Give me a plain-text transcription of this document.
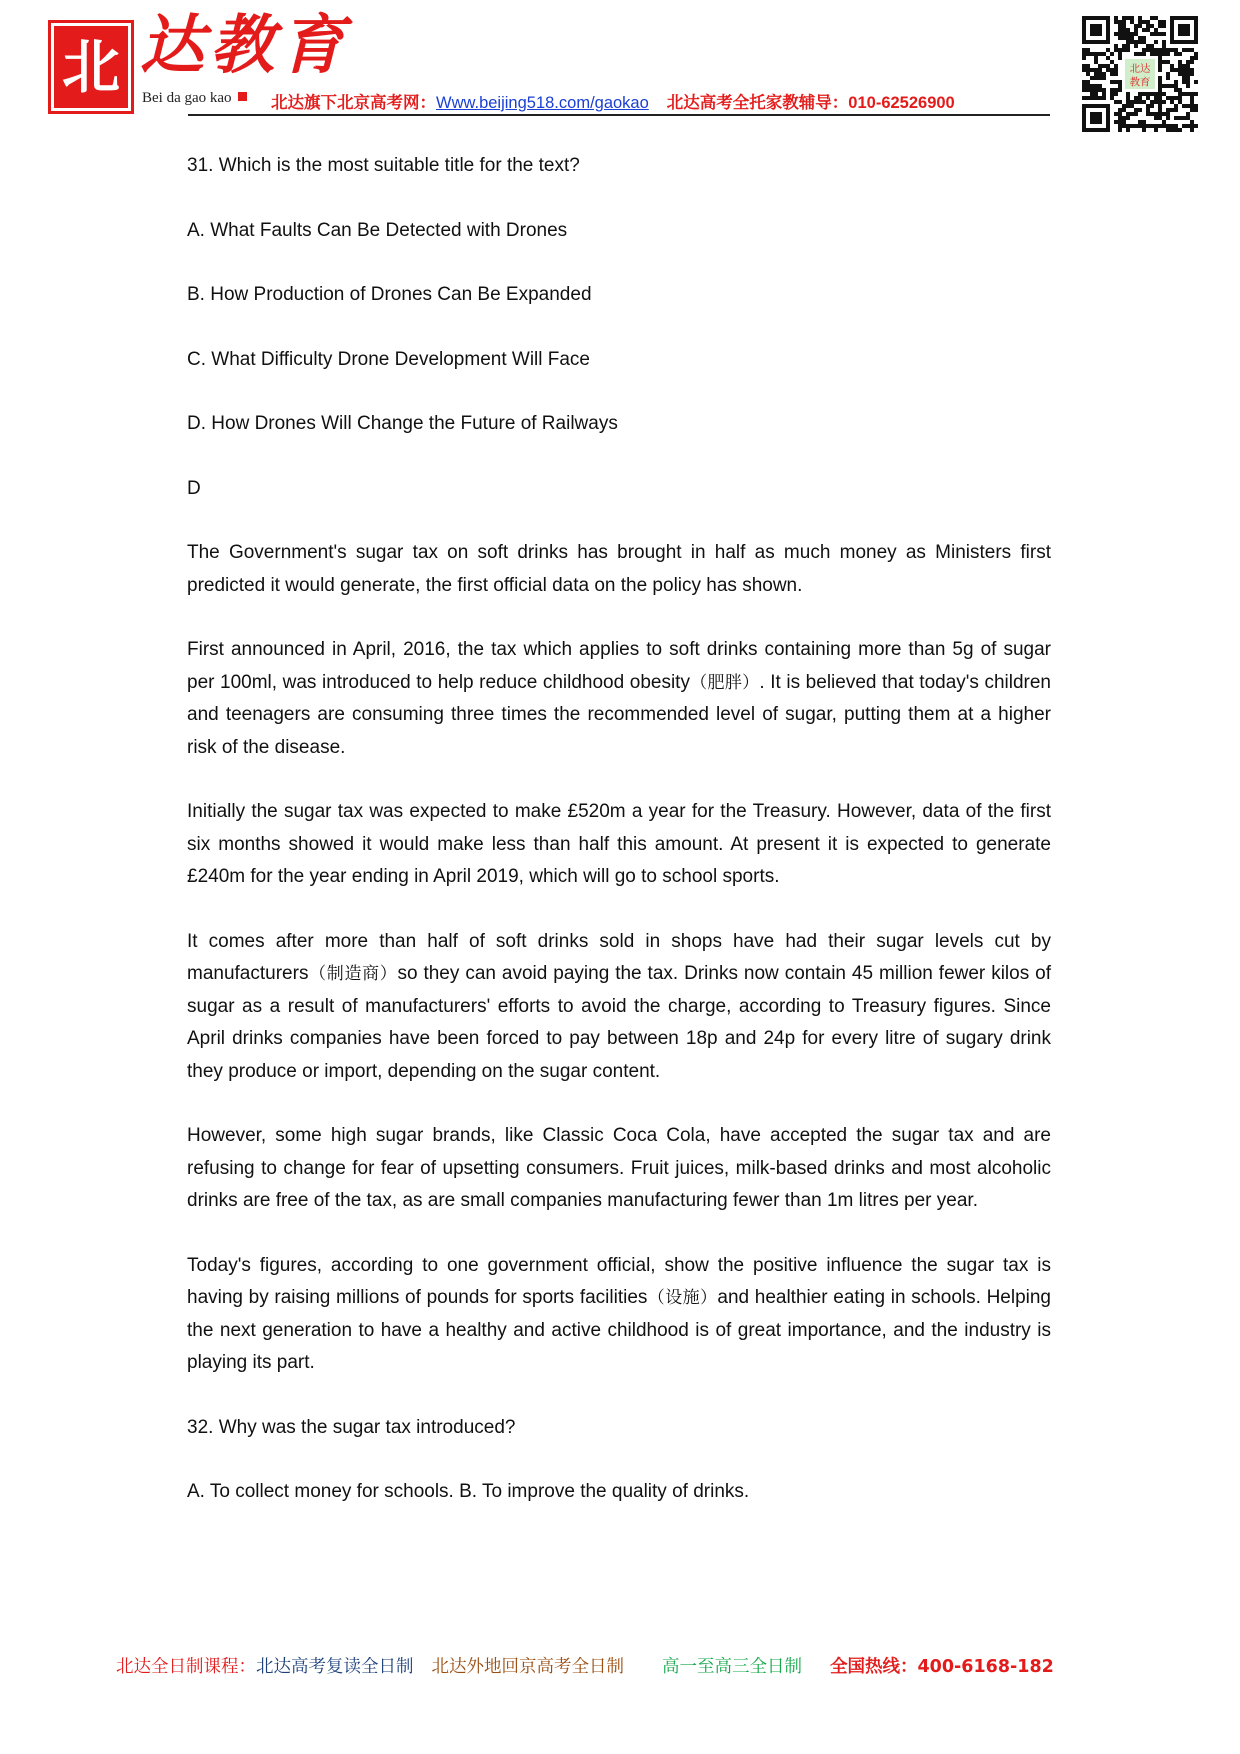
北 达教育
Bei da gao kao	北达旗下北京高考网：Www.beijing518.com/gaokao 北达高考全托家教辅导：010-62526900
北达
教育

31. Which is the most suitable title for the text?

A. What Faults Can Be Detected with Drones

B. How Production of Drones Can Be Expanded

C. What Difficulty Drone Development Will Face

D. How Drones Will Change the Future of Railways

D

The Government's sugar tax on soft drinks has brought in half as much money as Ministers first predicted it would generate, the first official data on the policy has shown.

First announced in April, 2016, the tax which applies to soft drinks containing more than 5g of sugar per 100ml, was introduced to help reduce childhood obesity（肥胖）. It is believed that today's children and teenagers are consuming three times the recommended level of sugar, putting them at a higher risk of the disease.

Initially the sugar tax was expected to make £520m a year for the Treasury. However, data of the first six months showed it would make less than half this amount. At present it is expected to generate £240m for the year ending in April 2019, which will go to school sports.

It comes after more than half of soft drinks sold in shops have had their sugar levels cut by manufacturers（制造商）so they can avoid paying the tax. Drinks now contain 45 million fewer kilos of sugar as a result of manufacturers' efforts to avoid the charge, according to Treasury figures. Since April drinks companies have been forced to pay between 18p and 24p for every litre of sugary drink they produce or import, depending on the sugar content.

However, some high sugar brands, like Classic Coca Cola, have accepted the sugar tax and are refusing to change for fear of upsetting consumers. Fruit juices, milk-based drinks and most alcoholic drinks are free of the tax, as are small companies manufacturing fewer than 1m litres per year.

Today's figures, according to one government official, show the positive influence the sugar tax is having by raising millions of pounds for sports facilities（设施）and healthier eating in schools. Helping the next generation to have a healthy and active childhood is of great importance, and the industry is playing its part.

32. Why was the sugar tax introduced?

A. To collect money for schools. B. To improve the quality of drinks.

北达全日制课程：北达高考复读全日制 北达外地回京高考全日制 高一至高三全日制 全国热线：400-6168-182
